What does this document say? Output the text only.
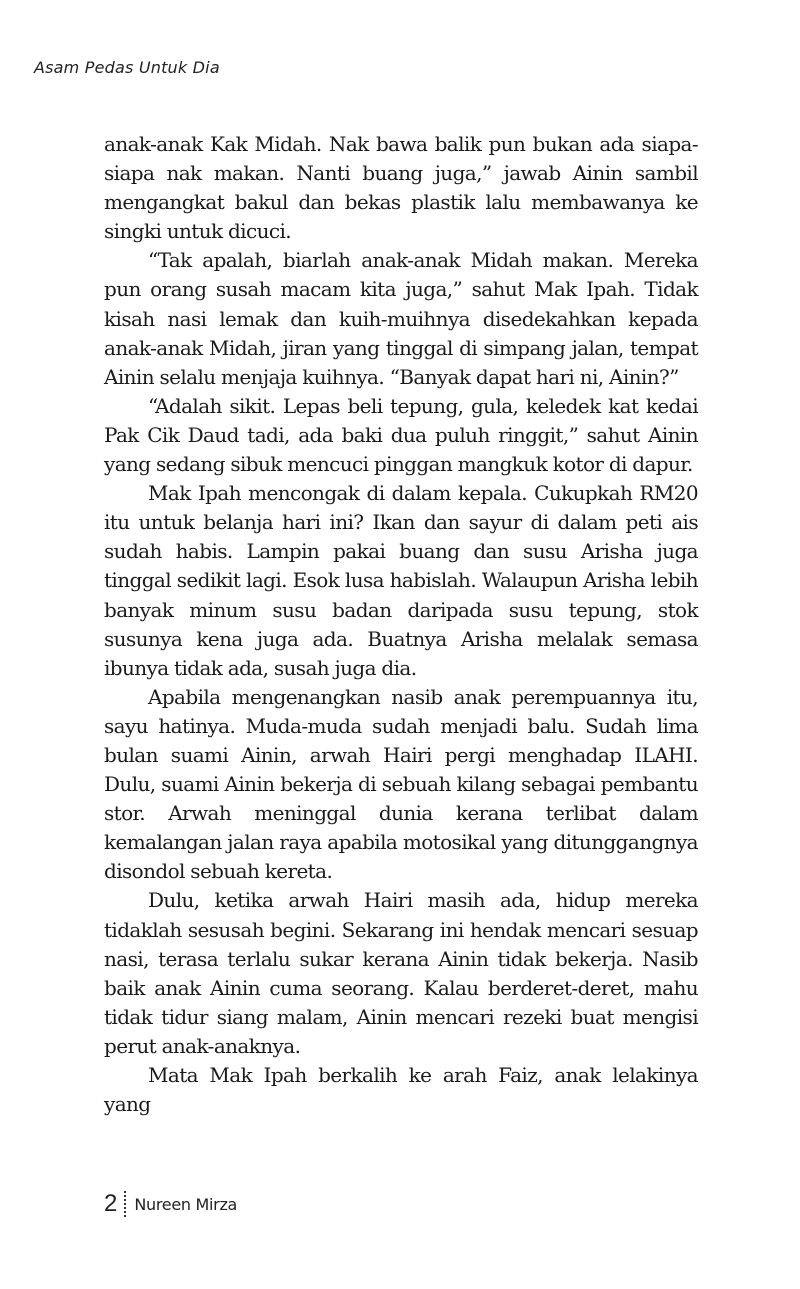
Asam Pedas Untuk Dia

anak-anak Kak Midah. Nak bawa balik pun bukan ada siapa-siapa nak makan. Nanti buang juga,” jawab Ainin sambil mengangkat bakul dan bekas plastik lalu membawanya ke singki untuk dicuci.

“Tak apalah, biarlah anak-anak Midah makan. Mereka pun orang susah macam kita juga,” sahut Mak Ipah. Tidak kisah nasi lemak dan kuih-muihnya disedekahkan kepada anak-anak Midah, jiran yang tinggal di simpang jalan, tempat Ainin selalu menjaja kuihnya. “Banyak dapat hari ni, Ainin?”

“Adalah sikit. Lepas beli tepung, gula, keledek kat kedai Pak Cik Daud tadi, ada baki dua puluh ringgit,” sahut Ainin yang sedang sibuk mencuci pinggan mangkuk kotor di dapur.

Mak Ipah mencongak di dalam kepala. Cukupkah RM20 itu untuk belanja hari ini? Ikan dan sayur di dalam peti ais sudah habis. Lampin pakai buang dan susu Arisha juga tinggal sedikit lagi. Esok lusa habislah. Walaupun Arisha lebih banyak minum susu badan daripada susu tepung, stok susunya kena juga ada. Buatnya Arisha melalak semasa ibunya tidak ada, susah juga dia.

Apabila mengenangkan nasib anak perempuannya itu, sayu hatinya. Muda-muda sudah menjadi balu. Sudah lima bulan suami Ainin, arwah Hairi pergi menghadap ILAHI. Dulu, suami Ainin bekerja di sebuah kilang sebagai pembantu stor. Arwah meninggal dunia kerana terlibat dalam kemalangan jalan raya apabila motosikal yang ditunggangnya disondol sebuah kereta.

Dulu, ketika arwah Hairi masih ada, hidup mereka tidaklah sesusah begini. Sekarang ini hendak mencari sesuap nasi, terasa terlalu sukar kerana Ainin tidak bekerja. Nasib baik anak Ainin cuma seorang. Kalau berderet-deret, mahu tidak tidur siang malam, Ainin mencari rezeki buat mengisi perut anak-anaknya.

Mata Mak Ipah berkalih ke arah Faiz, anak lelakinya yang

2 Nureen Mirza
